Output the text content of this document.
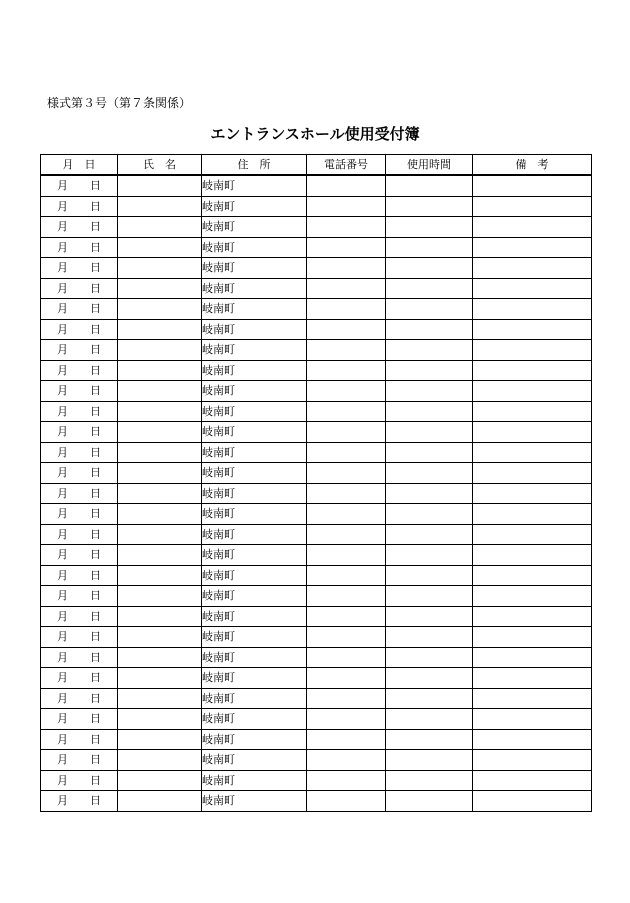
様式第３号（第７条関係）
エントランスホール使用受付簿
月　日	氏　名	住　所	電話番号	使用時間	備　考
月 日		岐南町			
月 日		岐南町			
月 日		岐南町			
月 日		岐南町			
月 日		岐南町			
月 日		岐南町			
月 日		岐南町			
月 日		岐南町			
月 日		岐南町			
月 日		岐南町			
月 日		岐南町			
月 日		岐南町			
月 日		岐南町			
月 日		岐南町			
月 日		岐南町			
月 日		岐南町			
月 日		岐南町			
月 日		岐南町			
月 日		岐南町			
月 日		岐南町			
月 日		岐南町			
月 日		岐南町			
月 日		岐南町			
月 日		岐南町			
月 日		岐南町			
月 日		岐南町			
月 日		岐南町			
月 日		岐南町			
月 日		岐南町			
月 日		岐南町			
月 日		岐南町			
